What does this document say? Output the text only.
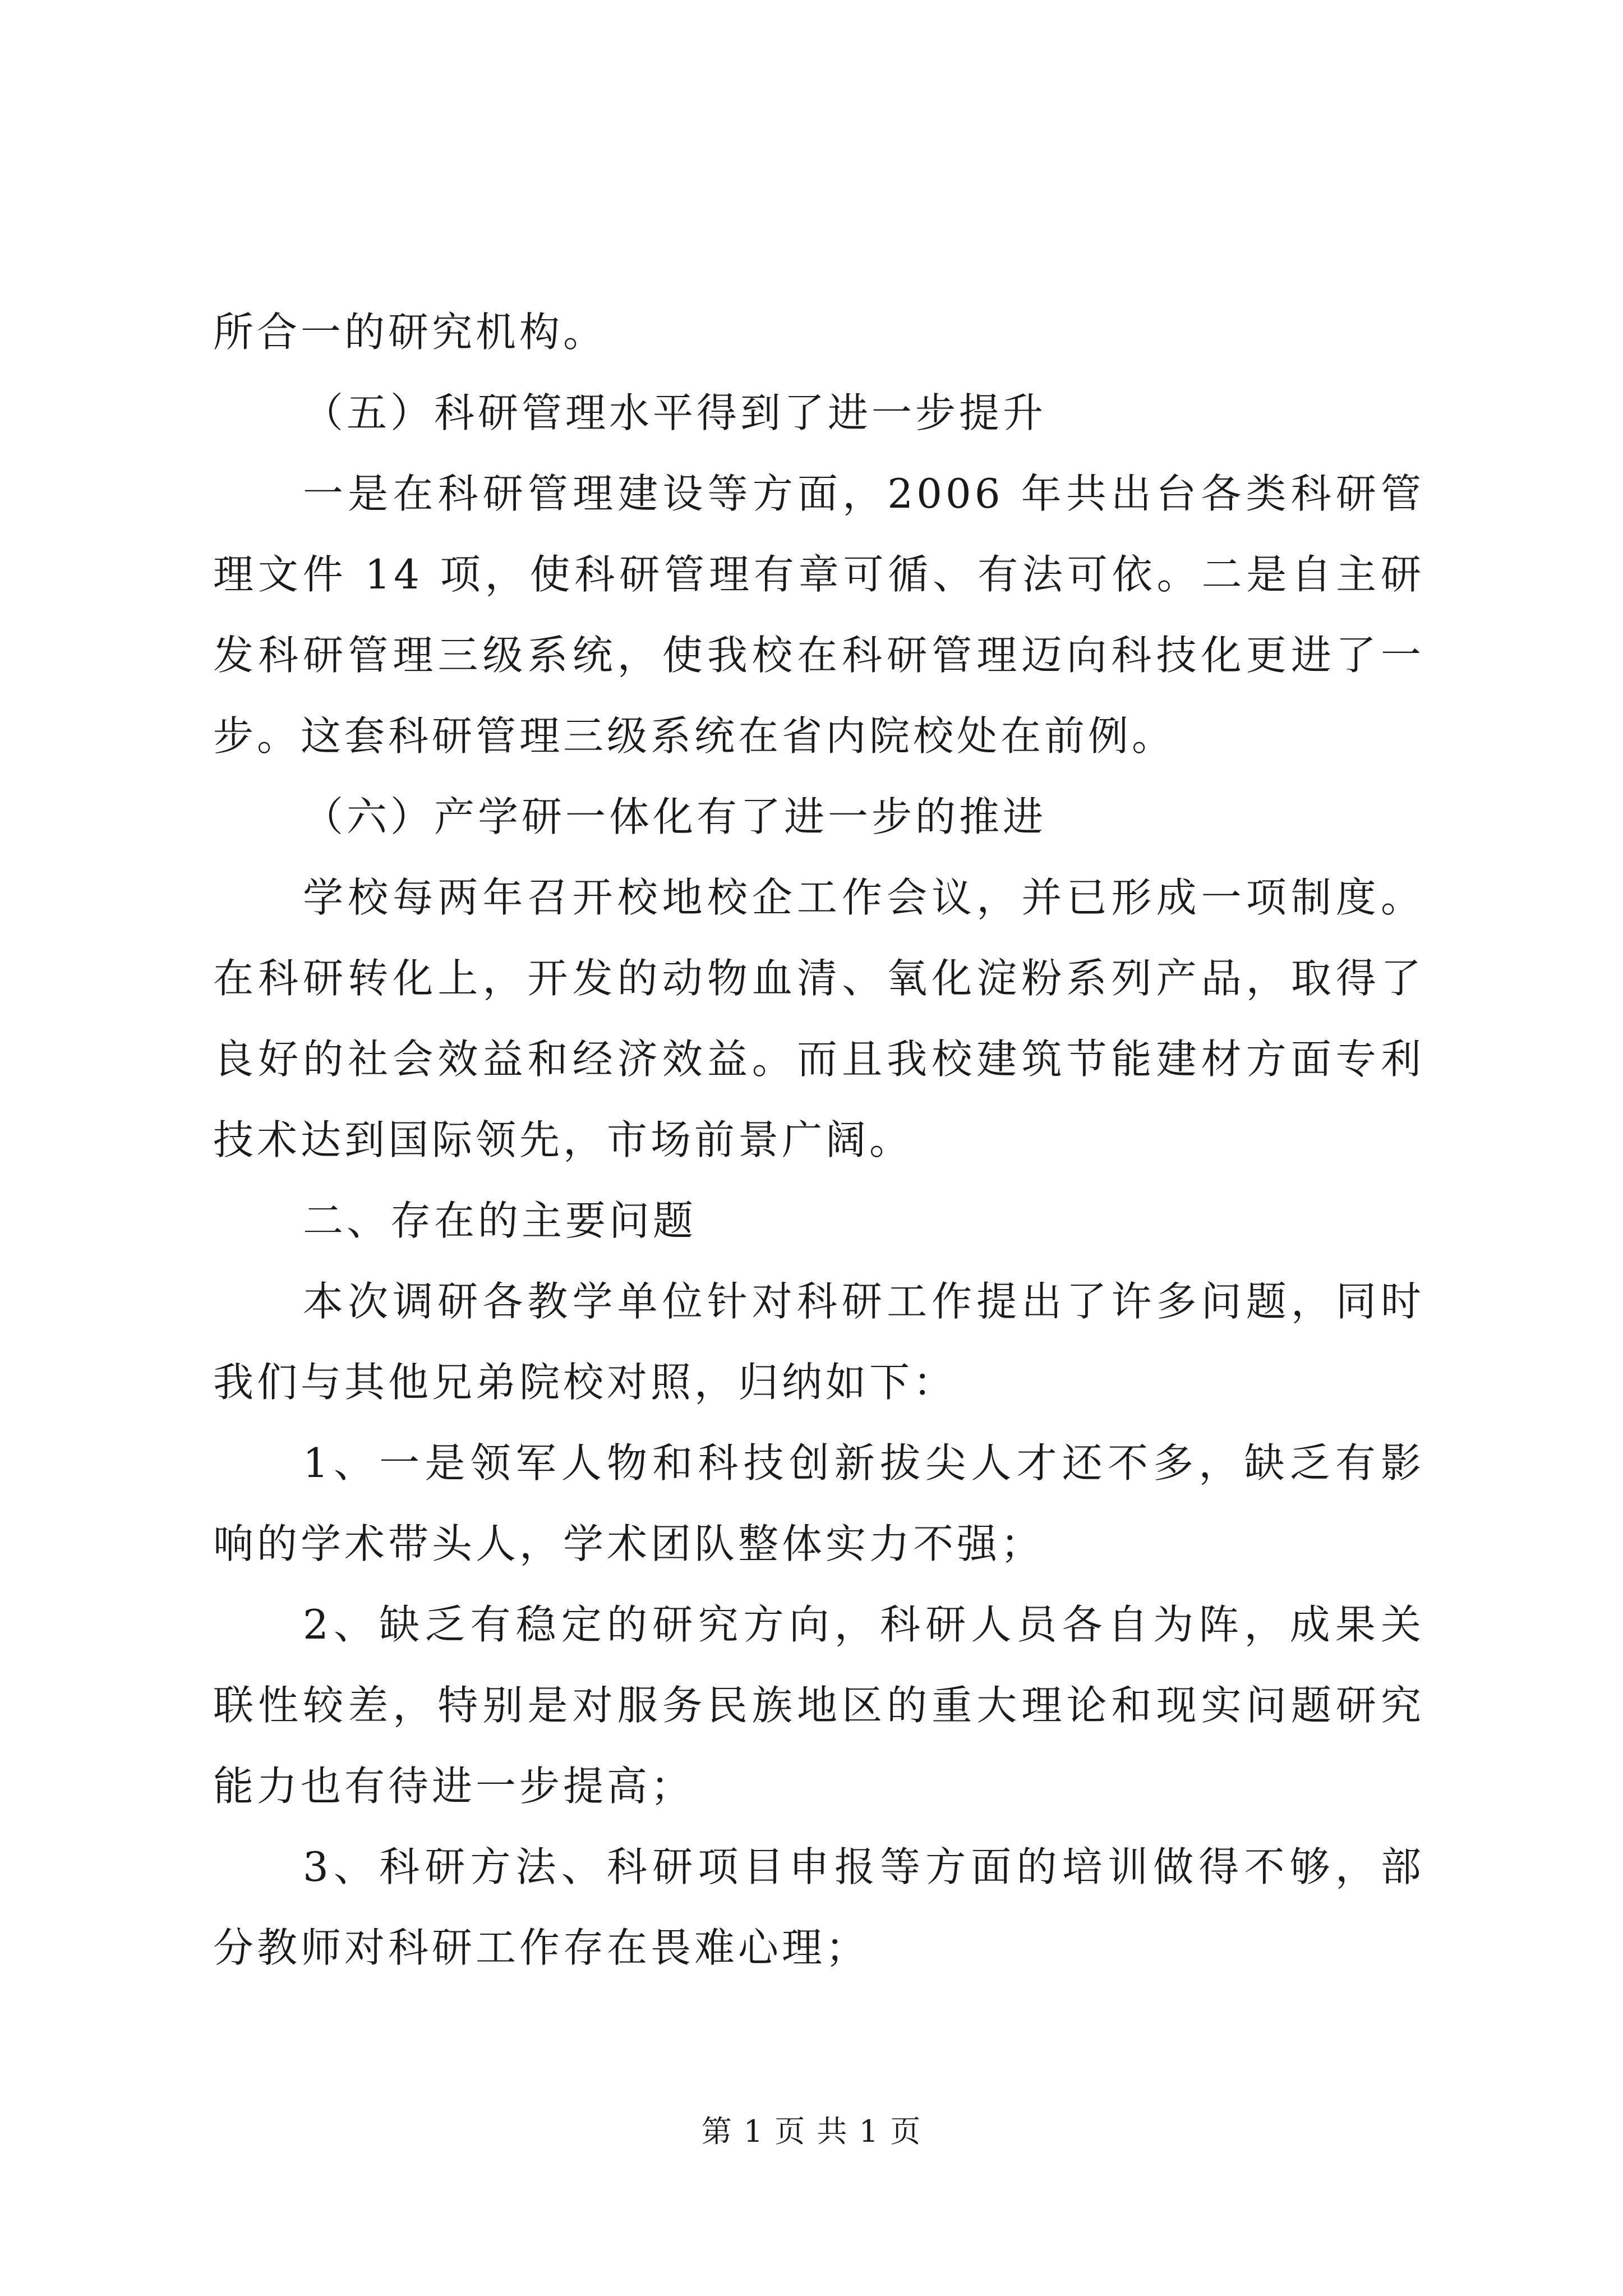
所合一的研究机构。

（五）科研管理水平得到了进一步提升

一是在科研管理建设等方面，2006 年共出台各类科研管理文件 14 项，使科研管理有章可循、有法可依。二是自主研发科研管理三级系统，使我校在科研管理迈向科技化更进了一步。这套科研管理三级系统在省内院校处在前例。

（六）产学研一体化有了进一步的推进

学校每两年召开校地校企工作会议，并已形成一项制度。在科研转化上，开发的动物血清、氧化淀粉系列产品，取得了良好的社会效益和经济效益。而且我校建筑节能建材方面专利技术达到国际领先，市场前景广阔。

二、存在的主要问题

本次调研各教学单位针对科研工作提出了许多问题，同时我们与其他兄弟院校对照，归纳如下：

1、一是领军人物和科技创新拔尖人才还不多，缺乏有影响的学术带头人，学术团队整体实力不强；

2、缺乏有稳定的研究方向，科研人员各自为阵，成果关联性较差，特别是对服务民族地区的重大理论和现实问题研究能力也有待进一步提高；

3、科研方法、科研项目申报等方面的培训做得不够，部分教师对科研工作存在畏难心理；

第 1 页 共 1 页
